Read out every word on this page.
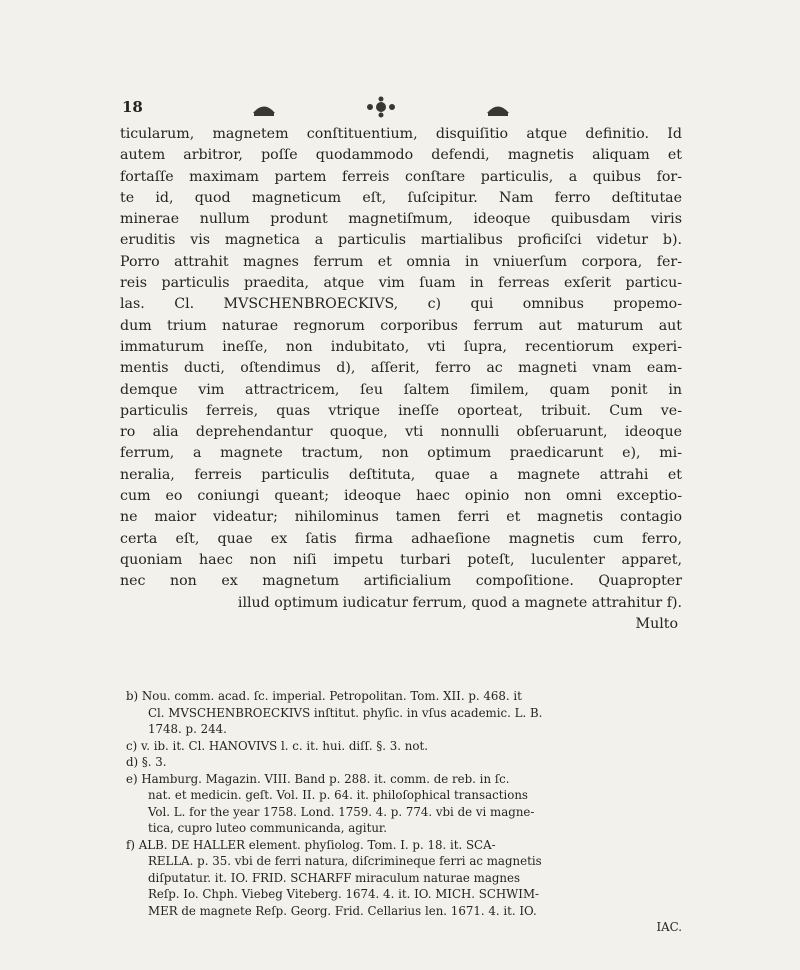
18
ticularum, magnetem conſtituentium, disquiſitio atque definitio. Id
autem arbitror, poſſe quodammodo defendi, magnetis aliquam et
fortaſſe maximam partem ferreis conſtare particulis, a quibus for-
te id, quod magneticum eſt, ſuſcipitur. Nam ferro deſtitutae
minerae nullum produnt magnetiſmum, ideoque quibusdam viris
eruditis vis magnetica a particulis martialibus proficiſci videtur b).
Porro attrahit magnes ferrum et omnia in vniuerſum corpora, fer-
reis particulis praedita, atque vim ſuam in ferreas exſerit particu-
las. Cl. MVSCHENBROECKIVS, c) qui omnibus propemo-
dum trium naturae regnorum corporibus ferrum aut maturum aut
immaturum ineſſe, non indubitato, vti ſupra, recentiorum experi-
mentis ducti, oſtendimus d), aſſerit, ferro ac magneti vnam eam-
demque vim attractricem, ſeu ſaltem ſimilem, quam ponit in
particulis ferreis, quas vtrique ineſſe oporteat, tribuit. Cum ve-
ro alia deprehendantur quoque, vti nonnulli obſeruarunt, ideoque
ferrum, a magnete tractum, non optimum praedicarunt e), mi-
neralia, ferreis particulis deſtituta, quae a magnete attrahi et
cum eo coniungi queant; ideoque haec opinio non omni exceptio-
ne maior videatur; nihilominus tamen ferri et magnetis contagio
certa eſt, quae ex ſatis firma adhaeſione magnetis cum ferro,
quoniam haec non niſi impetu turbari poteſt, luculenter apparet,
nec non ex magnetum artificialium compoſitione. Quapropter
illud optimum iudicatur ferrum, quod a magnete attrahitur f).
Multo
b) Nou. comm. acad. ſc. imperial. Petropolitan. Tom. XII. p. 468. it
Cl. MVSCHENBROECKIVS inſtitut. phyſic. in vſus academic. L. B.
1748. p. 244.
c) v. ib. it. Cl. HANOVIVS l. c. it. hui. diſſ. §. 3. not.
d) §. 3.
e) Hamburg. Magazin. VIII. Band p. 288. it. comm. de reb. in ſc.
nat. et medicin. geſt. Vol. II. p. 64. it. philoſophical transactions
Vol. L. for the year 1758. Lond. 1759. 4. p. 774. vbi de vi magne-
tica, cupro luteo communicanda, agitur.
f) ALB. DE HALLER element. phyſiolog. Tom. I. p. 18. it. SCA-
RELLA. p. 35. vbi de ferri natura, diſcrimineque ferri ac magnetis
diſputatur. it. IO. FRID. SCHARFF miraculum naturae magnes
Reſp. Io. Chph. Viebeg Viteberg. 1674. 4. it. IO. MICH. SCHWIM-
MER de magnete Reſp. Georg. Frid. Cellarius len. 1671. 4. it. IO.
IAC.
